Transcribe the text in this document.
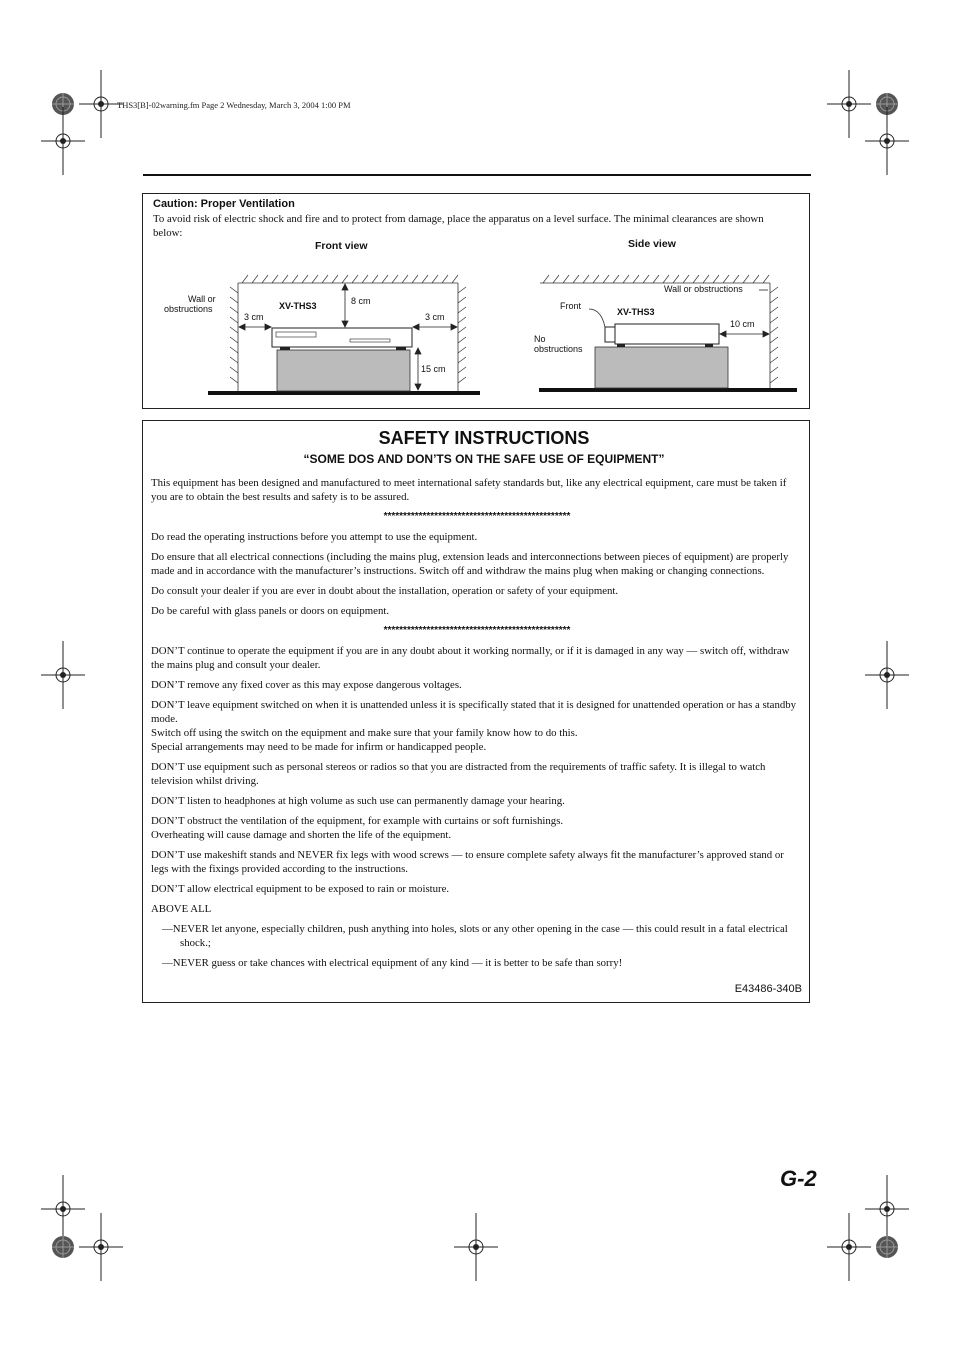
THS3[B]-02warning.fm Page 2 Wednesday, March 3, 2004 1:00 PM
Caution: Proper Ventilation
To avoid risk of electric shock and fire and to protect from damage, place the apparatus on a level surface. The minimal clearances are shown below:
Front view
Wall or
obstructions	XV-THS3	8 cm
3 cm	3 cm
15 cm
Side view
Wall or obstructions
Front
XV-THS3
10 cm
No
obstructions
SAFETY INSTRUCTIONS
“SOME DOS AND DON’TS ON THE SAFE USE OF EQUIPMENT”

This equipment has been designed and manufactured to meet international safety standards but, like any electrical equipment, care must be taken if you are to obtain the best results and safety is to be assured.

************************************************

Do read the operating instructions before you attempt to use the equipment.

Do ensure that all electrical connections (including the mains plug, extension leads and interconnections between pieces of equipment) are properly made and in accordance with the manufacturer’s instructions. Switch off and withdraw the mains plug when making or changing connections.

Do consult your dealer if you are ever in doubt about the installation, operation or safety of your equipment.

Do be careful with glass panels or doors on equipment.

************************************************

DON’T continue to operate the equipment if you are in any doubt about it working normally, or if it is damaged in any way — switch off, withdraw the mains plug and consult your dealer.

DON’T remove any fixed cover as this may expose dangerous voltages.

DON’T leave equipment switched on when it is unattended unless it is specifically stated that it is designed for unattended operation or has a standby mode.

Switch off using the switch on the equipment and make sure that your family know how to do this.

Special arrangements may need to be made for infirm or handicapped people.

DON’T use equipment such as personal stereos or radios so that you are distracted from the requirements of traffic safety. It is illegal to watch television whilst driving.

DON’T listen to headphones at high volume as such use can permanently damage your hearing.

DON’T obstruct the ventilation of the equipment, for example with curtains or soft furnishings.

Overheating will cause damage and shorten the life of the equipment.

DON’T use makeshift stands and NEVER fix legs with wood screws — to ensure complete safety always fit the manufacturer’s approved stand or legs with the fixings provided according to the instructions.

DON’T allow electrical equipment to be exposed to rain or moisture.

ABOVE ALL

—NEVER let anyone, especially children, push anything into holes, slots or any other opening in the case — this could result in a fatal electrical shock.;

—NEVER guess or take chances with electrical equipment of any kind — it is better to be safe than sorry!

E43486-340B
G-2
